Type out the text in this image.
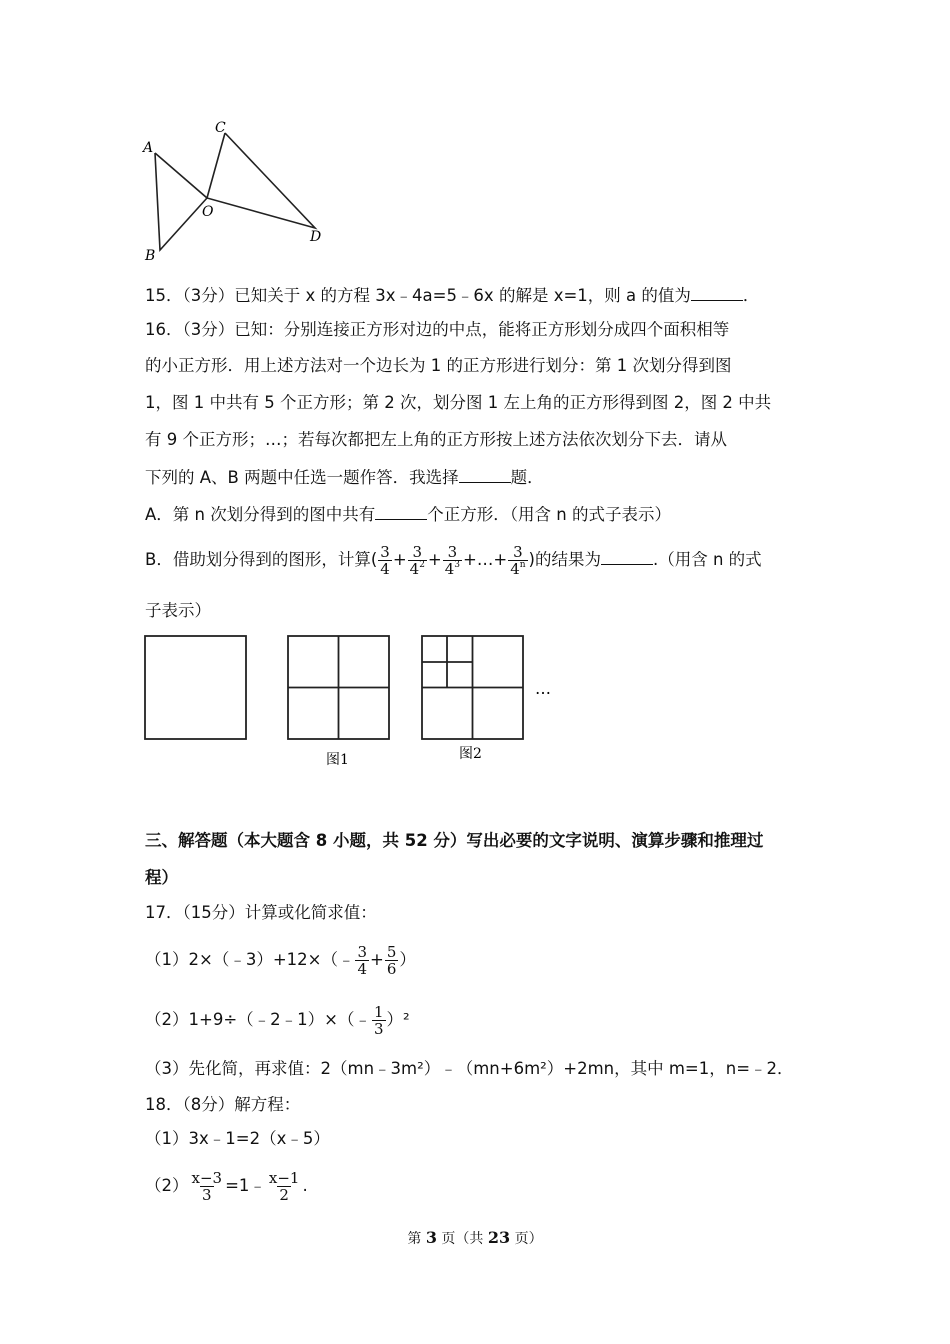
A
B
C
O
D
15．（3分）已知关于 x 的方程 3x﹣4a=5﹣6x 的解是 x=1，则 a 的值为	．
16．（3分）已知：分别连接正方形对边的中点，能将正方形划分成四个面积相等
的小正方形．用上述方法对一个边长为 1 的正方形进行划分：第 1 次划分得到图
1，图 1 中共有 5 个正方形；第 2 次，划分图 1 左上角的正方形得到图 2，图 2 中共
有 9 个正方形；…；若每次都把左上角的正方形按上述方法依次划分下去．请从
下列的 A、B 两题中任选一题作答．我选择	题．
A．第 n 次划分得到的图中共有	个正方形．（用含 n 的式子表示）
B．借助划分得到的图形，计算( $\frac{3}{4} + \frac{3}{4^2} + \frac{3}{4^3}$ +…+ $\frac{3}{4^n}$ )的结果为	.（用含 n 的式
子表示）
…
图1	图2
三、解答题（本大题含 8 小题，共 52 分）写出必要的文字说明、演算步骤和推理过
程）
17．（15分）计算或化简求值：
（1）2×（﹣3）+12×（﹣ $\frac{3}{4} + \frac{5}{6}$ ）
（2）1+9÷（﹣2﹣1）×（﹣ $\frac{1}{3} )^2$
（3）先化简，再求值：2（mn﹣3m²）﹣（mn+6m²）+2mn，其中 m=1，n=﹣2．
18．（8分）解方程：
（1）3x﹣1=2（x﹣5）
$(2) \frac{x-3}{3}$ =1﹣ $\frac{x-1}{2}$ .
第 3 页（共 23 页）
